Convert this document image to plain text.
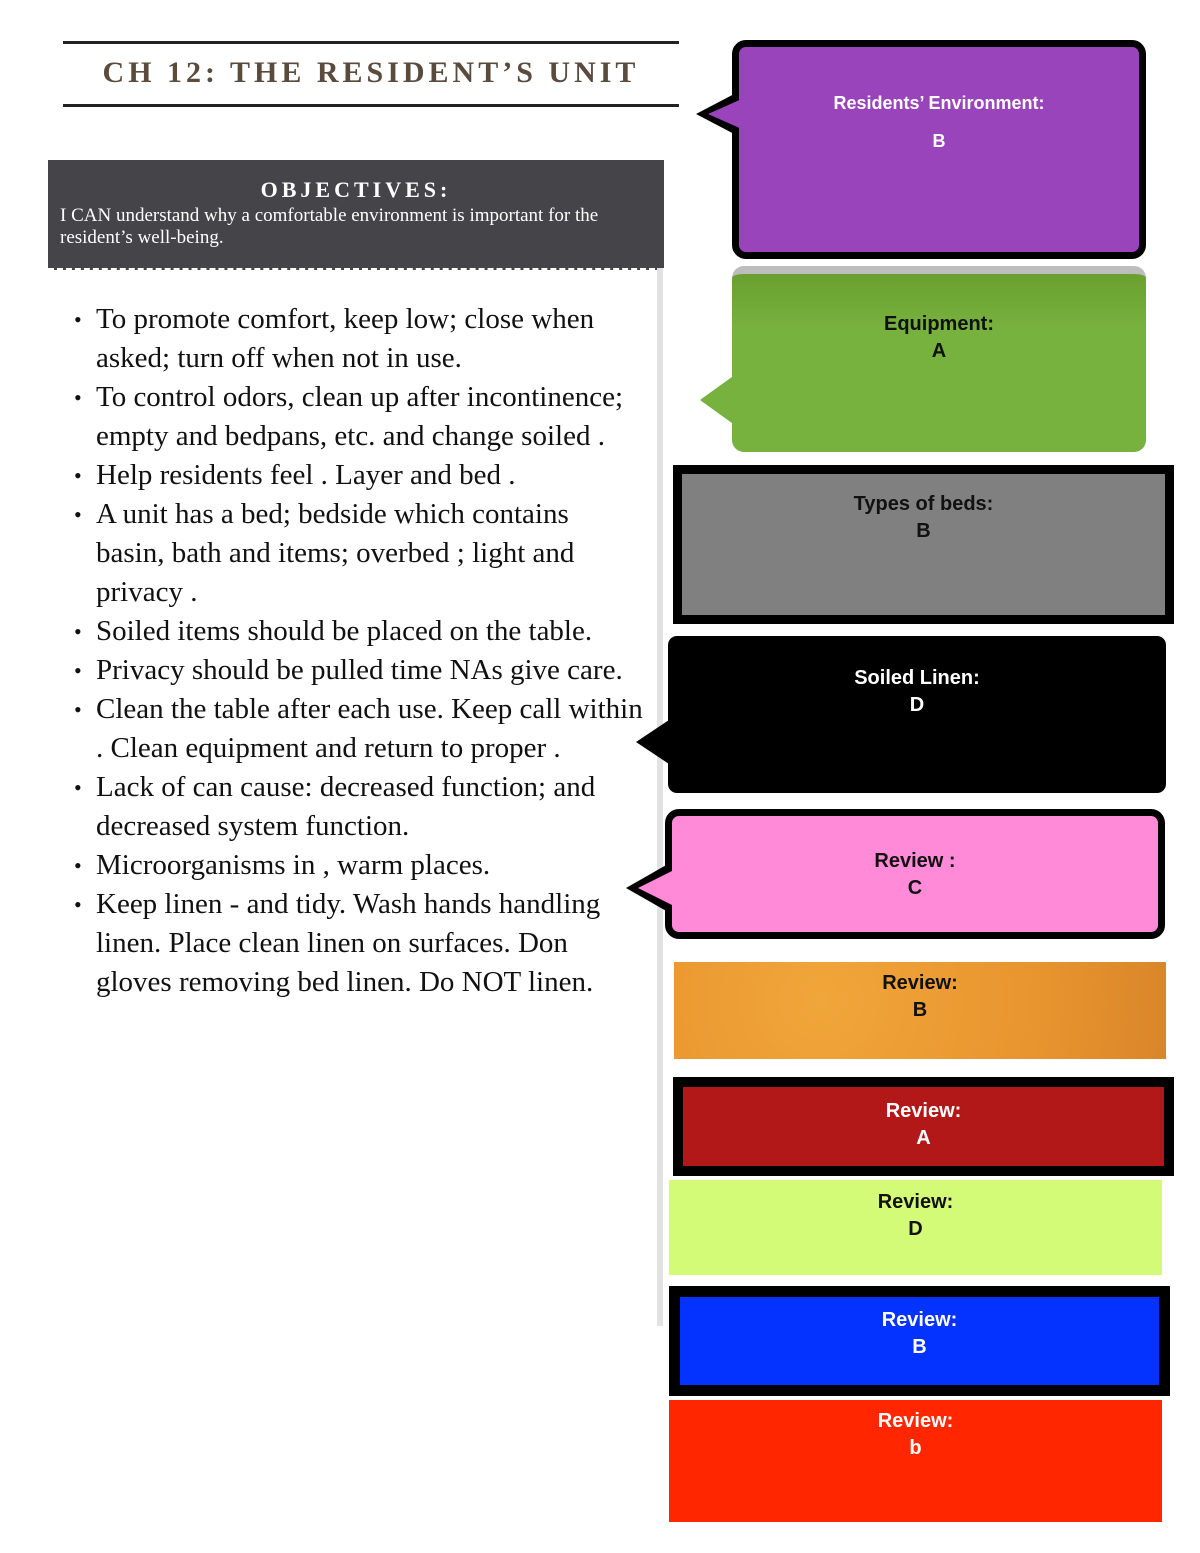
CH 12: THE RESIDENT’S UNIT
OBJECTIVES:
I CAN understand why a comfortable environment is important for the resident’s well-being.
• To promote comfort, keep low; close when asked; turn off when not in use.
• To control odors, clean up after incontinence; empty and bedpans, etc. and change soiled .
• Help residents feel . Layer and bed .
• A unit has a bed; bedside which contains basin, bath and items; overbed ; light and privacy .
• Soiled items should be placed on the table.
• Privacy should be pulled time NAs give care.
• Clean the table after each use. Keep call within . Clean equipment and return to proper .
• Lack of can cause: decreased function; and decreased system function.
• Microorganisms in , warm places.
• Keep linen - and tidy. Wash hands handling linen. Place clean linen on surfaces. Don gloves removing bed linen. Do NOT linen.
Residents’ Environment:
B
Equipment:
A
Types of beds:
B
Soiled Linen:
D
Review :
C
Review:
B
Review:
A
Review:
D
Review:
B
Review:
b
